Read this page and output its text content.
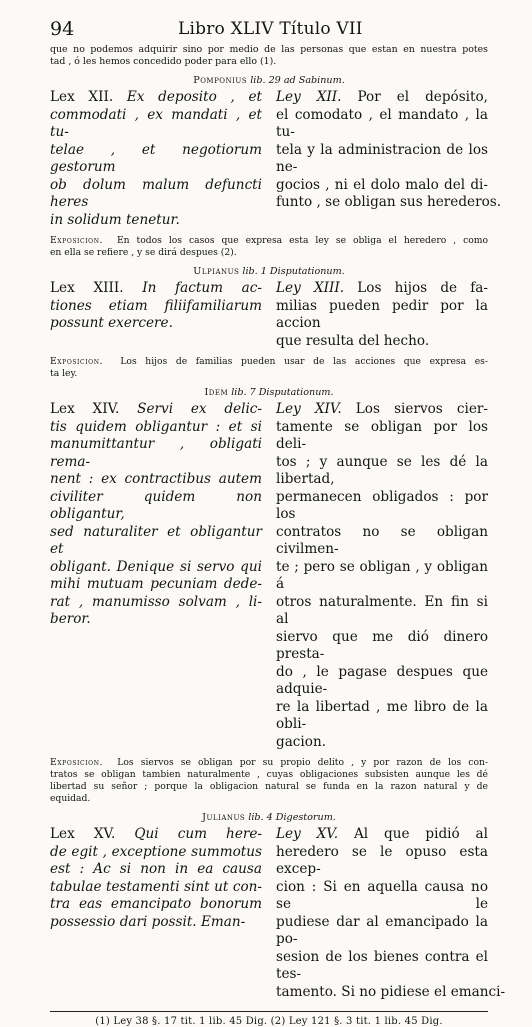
94	Libro XLIV Título VII
que no podemos adquirir sino por medio de las personas que estan en nuestra potes
tad , ó les hemos concedido poder para ello (1).
Pomponius lib. 29 ad Sabinum.
Lex XII. Ex deposito , et
commodati , ex mandati , et tu-
telae , et negotiorum gestorum
ob dolum malum defuncti heres
in solidum tenetur.
Ley XII. Por el depósito,
el comodato , el mandato , la tu-
tela y la administracion de los ne-
gocios , ni el dolo malo del di-
funto , se obligan sus herederos.
Exposicion. En todos los casos que expresa esta ley se obliga el heredero , como
en ella se refiere , y se dirá despues (2).
Ulpianus lib. 1 Disputationum.
Lex XIII. In factum ac-
tiones etiam filiifamiliarum
possunt exercere.
Ley XIII. Los hijos de fa-
milias pueden pedir por la accion
que resulta del hecho.
Exposicion. Los hijos de familias pueden usar de las acciones que expresa es-
ta ley.
Idem lib. 7 Disputationum.
Lex XIV. Servi ex delic-
tis quidem obligantur : et si
manumittantur , obligati rema-
nent : ex contractibus autem
civiliter quidem non obligantur,
sed naturaliter et obligantur et
obligant. Denique si servo qui
mihi mutuam pecuniam dede-
rat , manumisso solvam , li-
beror.
Ley XIV. Los siervos cier-
tamente se obligan por los deli-
tos ; y aunque se les dé la libertad,
permanecen obligados : por los
contratos no se obligan civilmen-
te ; pero se obligan , y obligan á
otros naturalmente. En fin si al
siervo que me dió dinero presta-
do , le pagase despues que adquie-
re la libertad , me libro de la obli-
gacion.
Exposicion. Los siervos se obligan por su propio delito , y por razon de los con-
tratos se obligan tambien naturalmente , cuyas obligaciones subsisten aunque les dé
libertad su señor ; porque la obligacion natural se funda en la razon natural y de
equidad.
Julianus lib. 4 Digestorum.
Lex XV. Qui cum here-
de egit , exceptione summotus
est : Ac si non in ea causa
tabulae testamenti sint ut con-
tra eas emancipato bonorum
possessio dari possit. Eman-
Ley XV. Al que pidió al
heredero se le opuso esta excep-
cion : Si en aquella causa no se le
pudiese dar al emancipado la po-
sesion de los bienes contra el tes-
tamento. Si no pidiese el emanci-
(1) Ley 38 §. 17 tit. 1 lib. 45 Dig. (2) Ley 121 §. 3 tit. 1 lib. 45 Dig.
